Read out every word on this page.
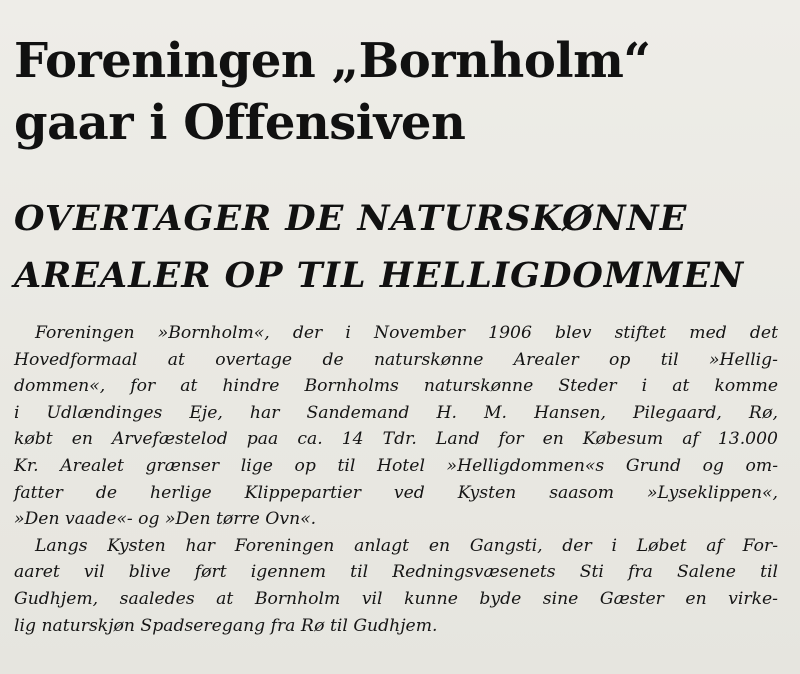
Foreningen „Bornholm“
gaar i Offensiven
OVERTAGER DE NATURSKØNNE
AREALER OP TIL HELLIGDOMMEN
Foreningen »Bornholm«, der i November 1906 blev stiftet med det
Hovedformaal at overtage de naturskønne Arealer op til »Hellig-
dommen«, for at hindre Bornholms naturskønne Steder i at komme
i Udlændinges Eje, har Sandemand H. M. Hansen, Pilegaard, Rø,
købt en Arvefæstelod paa ca. 14 Tdr. Land for en Købesum af 13.000
Kr. Arealet grænser lige op til Hotel »Helligdommen«s Grund og om-
fatter de herlige Klippepartier ved Kysten saasom »Lyseklippen«,
»Den vaade«- og »Den tørre Ovn«.
Langs Kysten har Foreningen anlagt en Gangsti, der i Løbet af For-
aaret vil blive ført igennem til Redningsvæsenets Sti fra Salene til
Gudhjem, saaledes at Bornholm vil kunne byde sine Gæster en virke-
lig naturskjøn Spadseregang fra Rø til Gudhjem.
